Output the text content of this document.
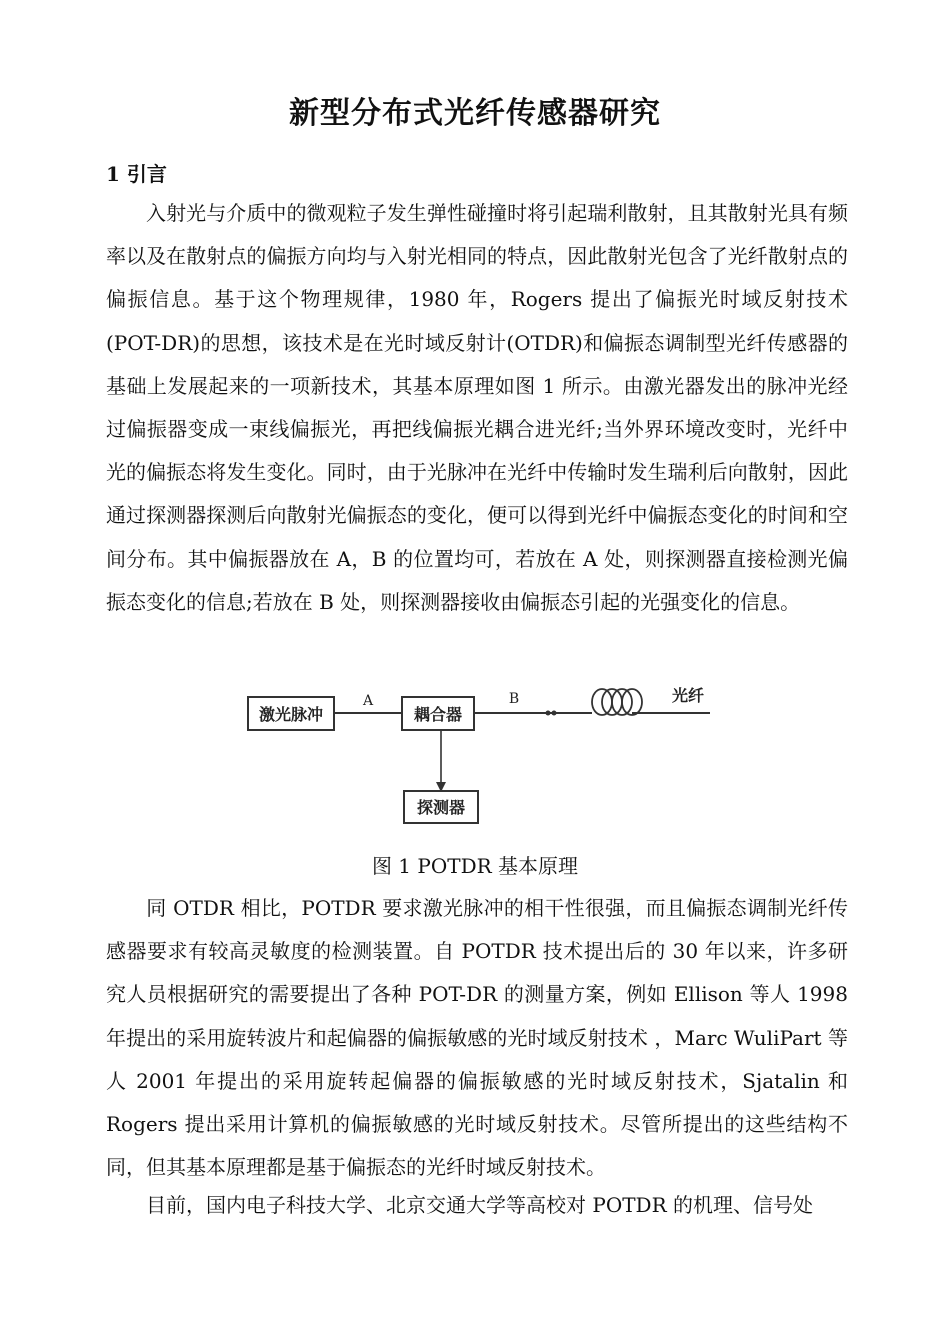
新型分布式光纤传感器研究
1 引言
入射光与介质中的微观粒子发生弹性碰撞时将引起瑞利散射，且其散射光具有频率以及在散射点的偏振方向均与入射光相同的特点，因此散射光包含了光纤散射点的偏振信息。基于这个物理规律，1980 年，Rogers 提出了偏振光时域反射技术(POT-DR)的思想，该技术是在光时域反射计(OTDR)和偏振态调制型光纤传感器的基础上发展起来的一项新技术，其基本原理如图 1 所示。由激光器发出的脉冲光经过偏振器变成一束线偏振光，再把线偏振光耦合进光纤;当外界环境改变时，光纤中光的偏振态将发生变化。同时，由于光脉冲在光纤中传输时发生瑞利后向散射，因此通过探测器探测后向散射光偏振态的变化，便可以得到光纤中偏振态变化的时间和空间分布。其中偏振器放在 A，B 的位置均可，若放在 A 处，则探测器直接检测光偏振态变化的信息;若放在 B 处，则探测器接收由偏振态引起的光强变化的信息。
激光脉冲
A
耦合器
B	光纤
探测器
图 1 POTDR 基本原理
同 OTDR 相比，POTDR 要求激光脉冲的相干性很强，而且偏振态调制光纤传感器要求有较高灵敏度的检测装置。自 POTDR 技术提出后的 30 年以来，许多研究人员根据研究的需要提出了各种 POT-DR 的测量方案，例如 Ellison 等人 1998 年提出的采用旋转波片和起偏器的偏振敏感的光时域反射技术 ，Marc WuliPart 等人 2001 年提出的采用旋转起偏器的偏振敏感的光时域反射技术，Sjatalin 和 Rogers 提出采用计算机的偏振敏感的光时域反射技术。尽管所提出的这些结构不同，但其基本原理都是基于偏振态的光纤时域反射技术。
目前，国内电子科技大学、北京交通大学等高校对 POTDR 的机理、信号处
